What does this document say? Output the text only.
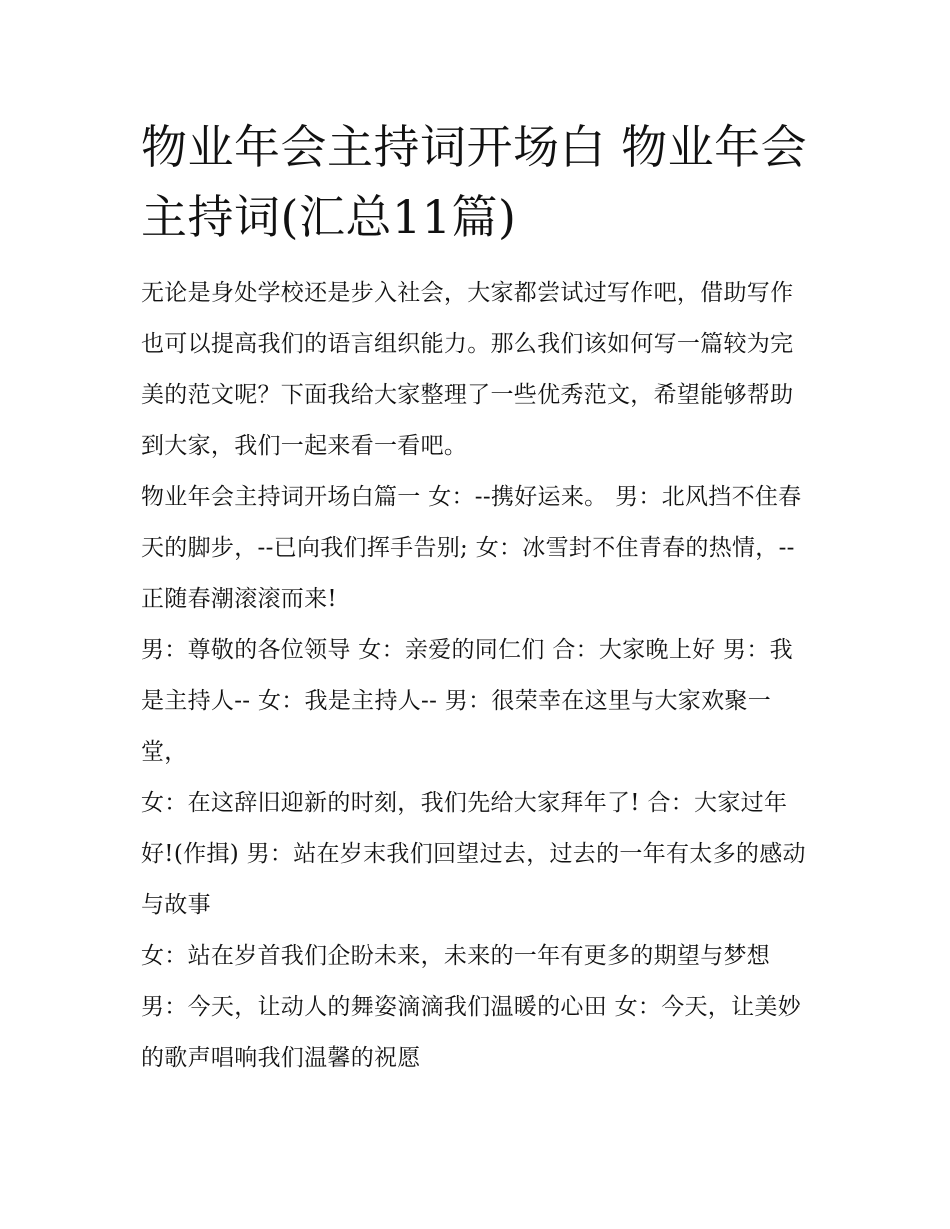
物业年会主持词开场白 物业年会主持词(汇总11篇)

无论是身处学校还是步入社会，大家都尝试过写作吧，借助写作也可以提高我们的语言组织能力。那么我们该如何写一篇较为完美的范文呢？下面我给大家整理了一些优秀范文，希望能够帮助到大家，我们一起来看一看吧。

物业年会主持词开场白篇一 女：--携好运来。 男：北风挡不住春天的脚步，--已向我们挥手告别; 女：冰雪封不住青春的热情，--正随春潮滚滚而来!

男：尊敬的各位领导 女：亲爱的同仁们 合：大家晚上好 男：我是主持人-- 女：我是主持人-- 男：很荣幸在这里与大家欢聚一堂，

女：在这辞旧迎新的时刻，我们先给大家拜年了! 合：大家过年好!(作揖) 男：站在岁末我们回望过去，过去的一年有太多的感动与故事

女：站在岁首我们企盼未来，未来的一年有更多的期望与梦想 男：今天，让动人的舞姿滴滴我们温暖的心田 女：今天，让美妙的歌声唱响我们温馨的祝愿
